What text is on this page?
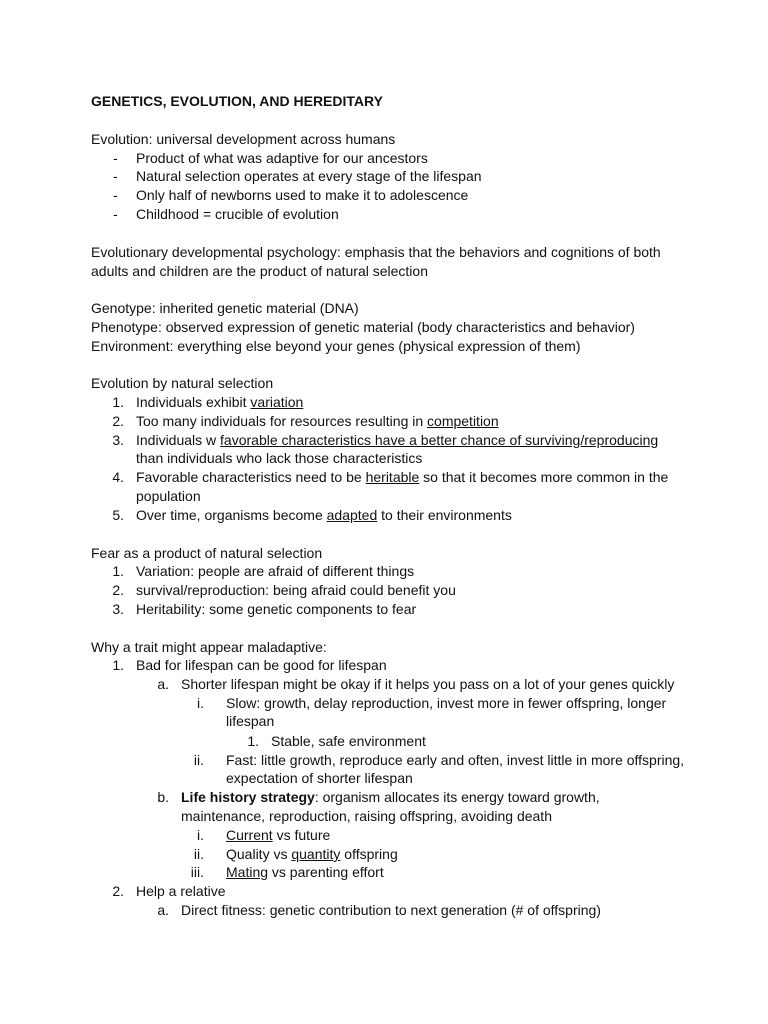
GENETICS, EVOLUTION, AND HEREDITARY
Evolution: universal development across humans
- Product of what was adaptive for our ancestors
- Natural selection operates at every stage of the lifespan
- Only half of newborns used to make it to adolescence
- Childhood = crucible of evolution
Evolutionary developmental psychology: emphasis that the behaviors and cognitions of both
adults and children are the product of natural selection
Genotype: inherited genetic material (DNA)
Phenotype: observed expression of genetic material (body characteristics and behavior)
Environment: everything else beyond your genes (physical expression of them)
Evolution by natural selection
1. Individuals exhibit variation
2. Too many individuals for resources resulting in competition
3. Individuals w favorable characteristics have a better chance of surviving/reproducing
than individuals who lack those characteristics
4. Favorable characteristics need to be heritable so that it becomes more common in the
population
5. Over time, organisms become adapted to their environments
Fear as a product of natural selection
1. Variation: people are afraid of different things
2. survival/reproduction: being afraid could benefit you
3. Heritability: some genetic components to fear
Why a trait might appear maladaptive:
1. Bad for lifespan can be good for lifespan
a. Shorter lifespan might be okay if it helps you pass on a lot of your genes quickly
i. Slow: growth, delay reproduction, invest more in fewer offspring, longer
lifespan
1. Stable, safe environment
ii. Fast: little growth, reproduce early and often, invest little in more offspring,
expectation of shorter lifespan
b. Life history strategy: organism allocates its energy toward growth,
maintenance, reproduction, raising offspring, avoiding death
i. Current vs future
ii. Quality vs quantity offspring
iii. Mating vs parenting effort
2. Help a relative
a. Direct fitness: genetic contribution to next generation (# of offspring)
